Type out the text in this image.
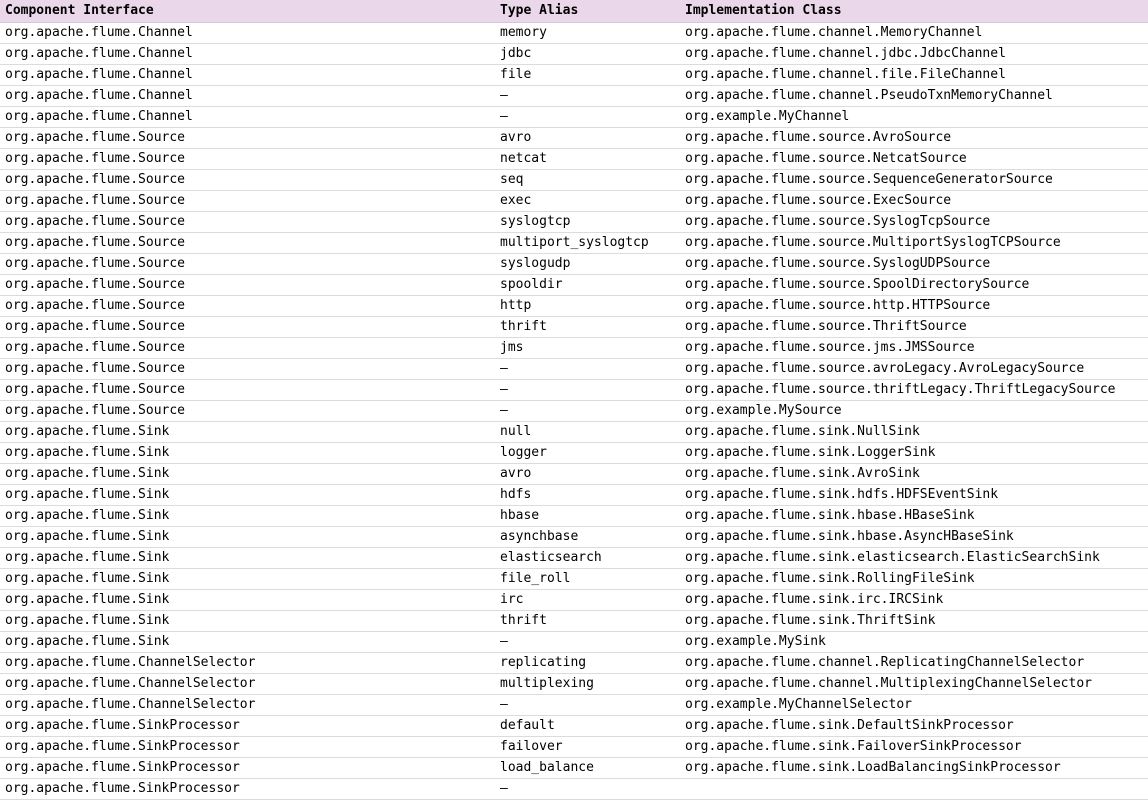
Component Interface	Type Alias	Implementation Class
org.apache.flume.Channel	memory	org.apache.flume.channel.MemoryChannel
org.apache.flume.Channel	jdbc	org.apache.flume.channel.jdbc.JdbcChannel
org.apache.flume.Channel	file	org.apache.flume.channel.file.FileChannel
org.apache.flume.Channel	–	org.apache.flume.channel.PseudoTxnMemoryChannel
org.apache.flume.Channel	–	org.example.MyChannel
org.apache.flume.Source	avro	org.apache.flume.source.AvroSource
org.apache.flume.Source	netcat	org.apache.flume.source.NetcatSource
org.apache.flume.Source	seq	org.apache.flume.source.SequenceGeneratorSource
org.apache.flume.Source	exec	org.apache.flume.source.ExecSource
org.apache.flume.Source	syslogtcp	org.apache.flume.source.SyslogTcpSource
org.apache.flume.Source	multiport_syslogtcp	org.apache.flume.source.MultiportSyslogTCPSource
org.apache.flume.Source	syslogudp	org.apache.flume.source.SyslogUDPSource
org.apache.flume.Source	spooldir	org.apache.flume.source.SpoolDirectorySource
org.apache.flume.Source	http	org.apache.flume.source.http.HTTPSource
org.apache.flume.Source	thrift	org.apache.flume.source.ThriftSource
org.apache.flume.Source	jms	org.apache.flume.source.jms.JMSSource
org.apache.flume.Source	–	org.apache.flume.source.avroLegacy.AvroLegacySource
org.apache.flume.Source	–	org.apache.flume.source.thriftLegacy.ThriftLegacySource
org.apache.flume.Source	–	org.example.MySource
org.apache.flume.Sink	null	org.apache.flume.sink.NullSink
org.apache.flume.Sink	logger	org.apache.flume.sink.LoggerSink
org.apache.flume.Sink	avro	org.apache.flume.sink.AvroSink
org.apache.flume.Sink	hdfs	org.apache.flume.sink.hdfs.HDFSEventSink
org.apache.flume.Sink	hbase	org.apache.flume.sink.hbase.HBaseSink
org.apache.flume.Sink	asynchbase	org.apache.flume.sink.hbase.AsyncHBaseSink
org.apache.flume.Sink	elasticsearch	org.apache.flume.sink.elasticsearch.ElasticSearchSink
org.apache.flume.Sink	file_roll	org.apache.flume.sink.RollingFileSink
org.apache.flume.Sink	irc	org.apache.flume.sink.irc.IRCSink
org.apache.flume.Sink	thrift	org.apache.flume.sink.ThriftSink
org.apache.flume.Sink	–	org.example.MySink
org.apache.flume.ChannelSelector	replicating	org.apache.flume.channel.ReplicatingChannelSelector
org.apache.flume.ChannelSelector	multiplexing	org.apache.flume.channel.MultiplexingChannelSelector
org.apache.flume.ChannelSelector	–	org.example.MyChannelSelector
org.apache.flume.SinkProcessor	default	org.apache.flume.sink.DefaultSinkProcessor
org.apache.flume.SinkProcessor	failover	org.apache.flume.sink.FailoverSinkProcessor
org.apache.flume.SinkProcessor	load_balance	org.apache.flume.sink.LoadBalancingSinkProcessor
org.apache.flume.SinkProcessor	–	
